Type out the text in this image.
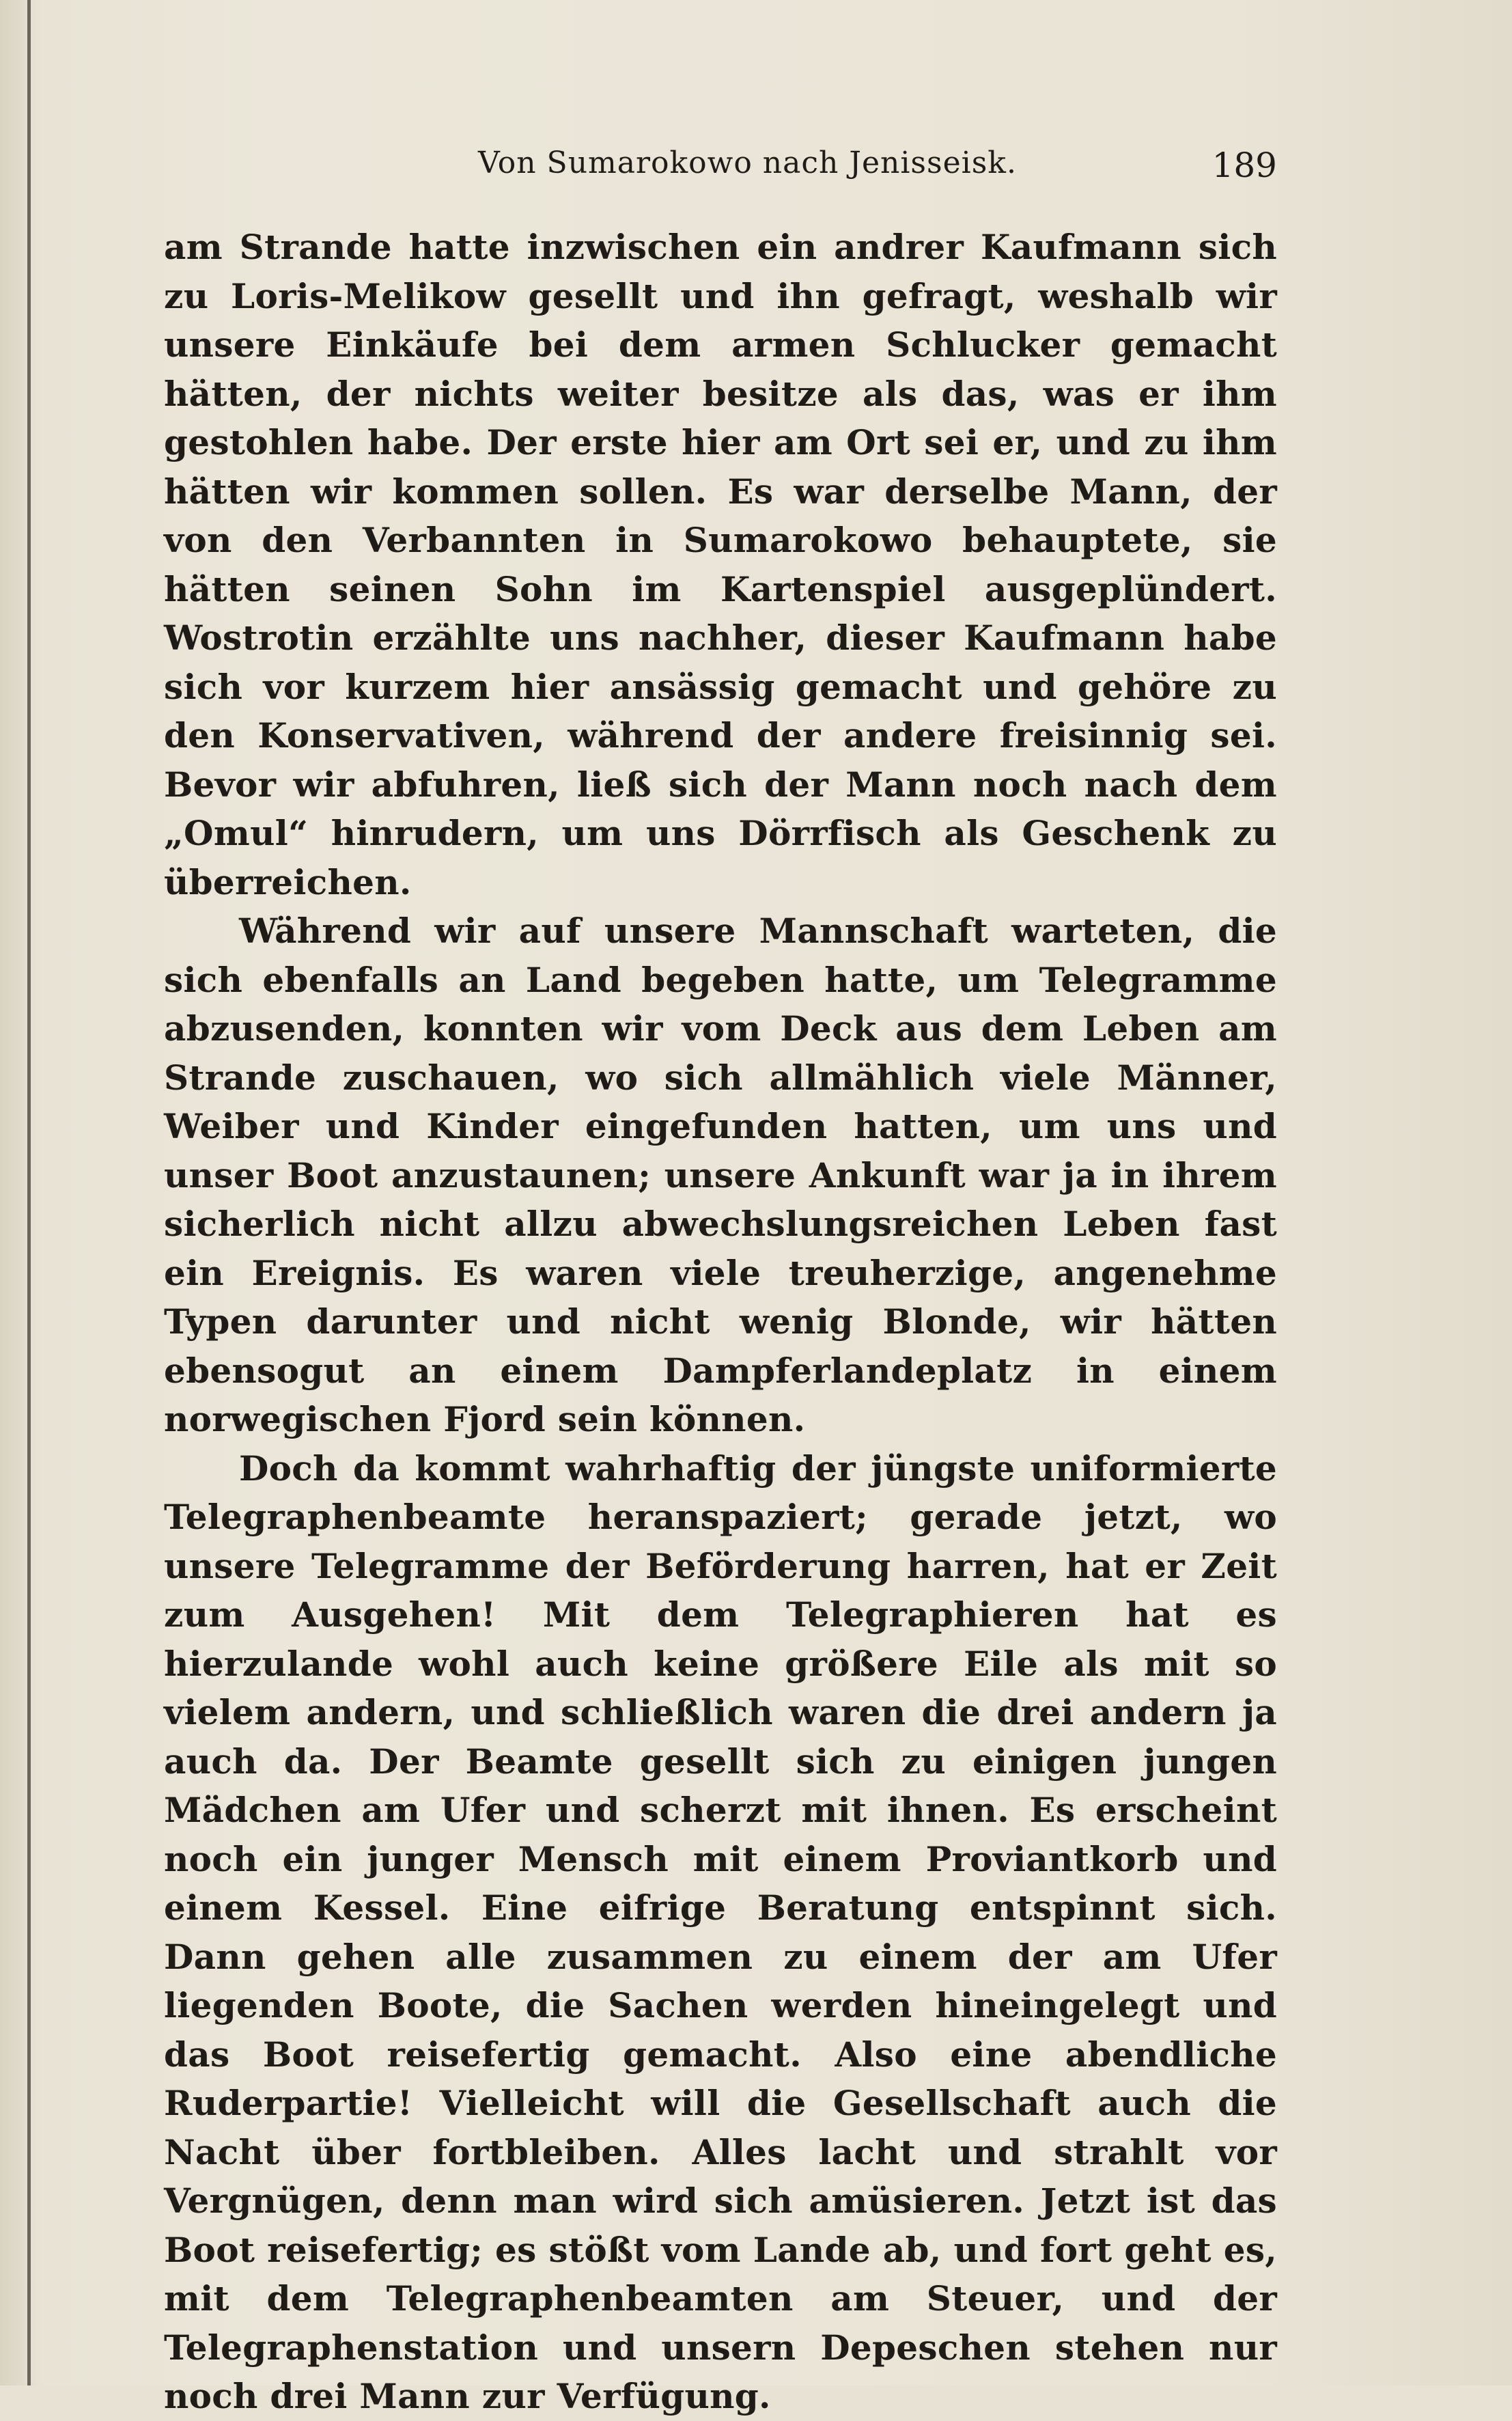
Von Sumarokowo nach Jenisseisk.	189

am Strande hatte inzwischen ein andrer Kaufmann sich zu Loris-Melikow gesellt und ihn gefragt, weshalb wir unsere Einkäufe bei dem armen Schlucker gemacht hätten, der nichts weiter besitze als das, was er ihm gestohlen habe. Der erste hier am Ort sei er, und zu ihm hätten wir kommen sollen. Es war derselbe Mann, der von den Verbannten in Sumarokowo behauptete, sie hätten seinen Sohn im Kartenspiel ausgeplündert. Wostrotin erzählte uns nachher, dieser Kaufmann habe sich vor kurzem hier ansässig gemacht und gehöre zu den Konservativen, während der andere freisinnig sei. Bevor wir abfuhren, ließ sich der Mann noch nach dem „Omul“ hinrudern, um uns Dörrfisch als Geschenk zu überreichen.

Während wir auf unsere Mannschaft warteten, die sich ebenfalls an Land begeben hatte, um Telegramme abzusenden, konnten wir vom Deck aus dem Leben am Strande zuschauen, wo sich allmählich viele Männer, Weiber und Kinder eingefunden hatten, um uns und unser Boot anzustaunen; unsere Ankunft war ja in ihrem sicherlich nicht allzu abwechslungsreichen Leben fast ein Ereignis. Es waren viele treuherzige, angenehme Typen darunter und nicht wenig Blonde, wir hätten ebensogut an einem Dampferlandeplatz in einem norwegischen Fjord sein können.

Doch da kommt wahrhaftig der jüngste uniformierte Telegraphenbeamte heranspaziert; gerade jetzt, wo unsere Telegramme der Beförderung harren, hat er Zeit zum Ausgehen! Mit dem Telegraphieren hat es hierzulande wohl auch keine größere Eile als mit so vielem andern, und schließlich waren die drei andern ja auch da. Der Beamte gesellt sich zu einigen jungen Mädchen am Ufer und scherzt mit ihnen. Es erscheint noch ein junger Mensch mit einem Proviantkorb und einem Kessel. Eine eifrige Beratung entspinnt sich. Dann gehen alle zusammen zu einem der am Ufer liegenden Boote, die Sachen werden hineingelegt und das Boot reisefertig gemacht. Also eine abendliche Ruderpartie! Vielleicht will die Gesellschaft auch die Nacht über fortbleiben. Alles lacht und strahlt vor Vergnügen, denn man wird sich amüsieren. Jetzt ist das Boot reisefertig; es stößt vom Lande ab, und fort geht es, mit dem Telegraphenbeamten am Steuer, und der Telegraphenstation und unsern Depeschen stehen nur noch drei Mann zur Verfügung.
